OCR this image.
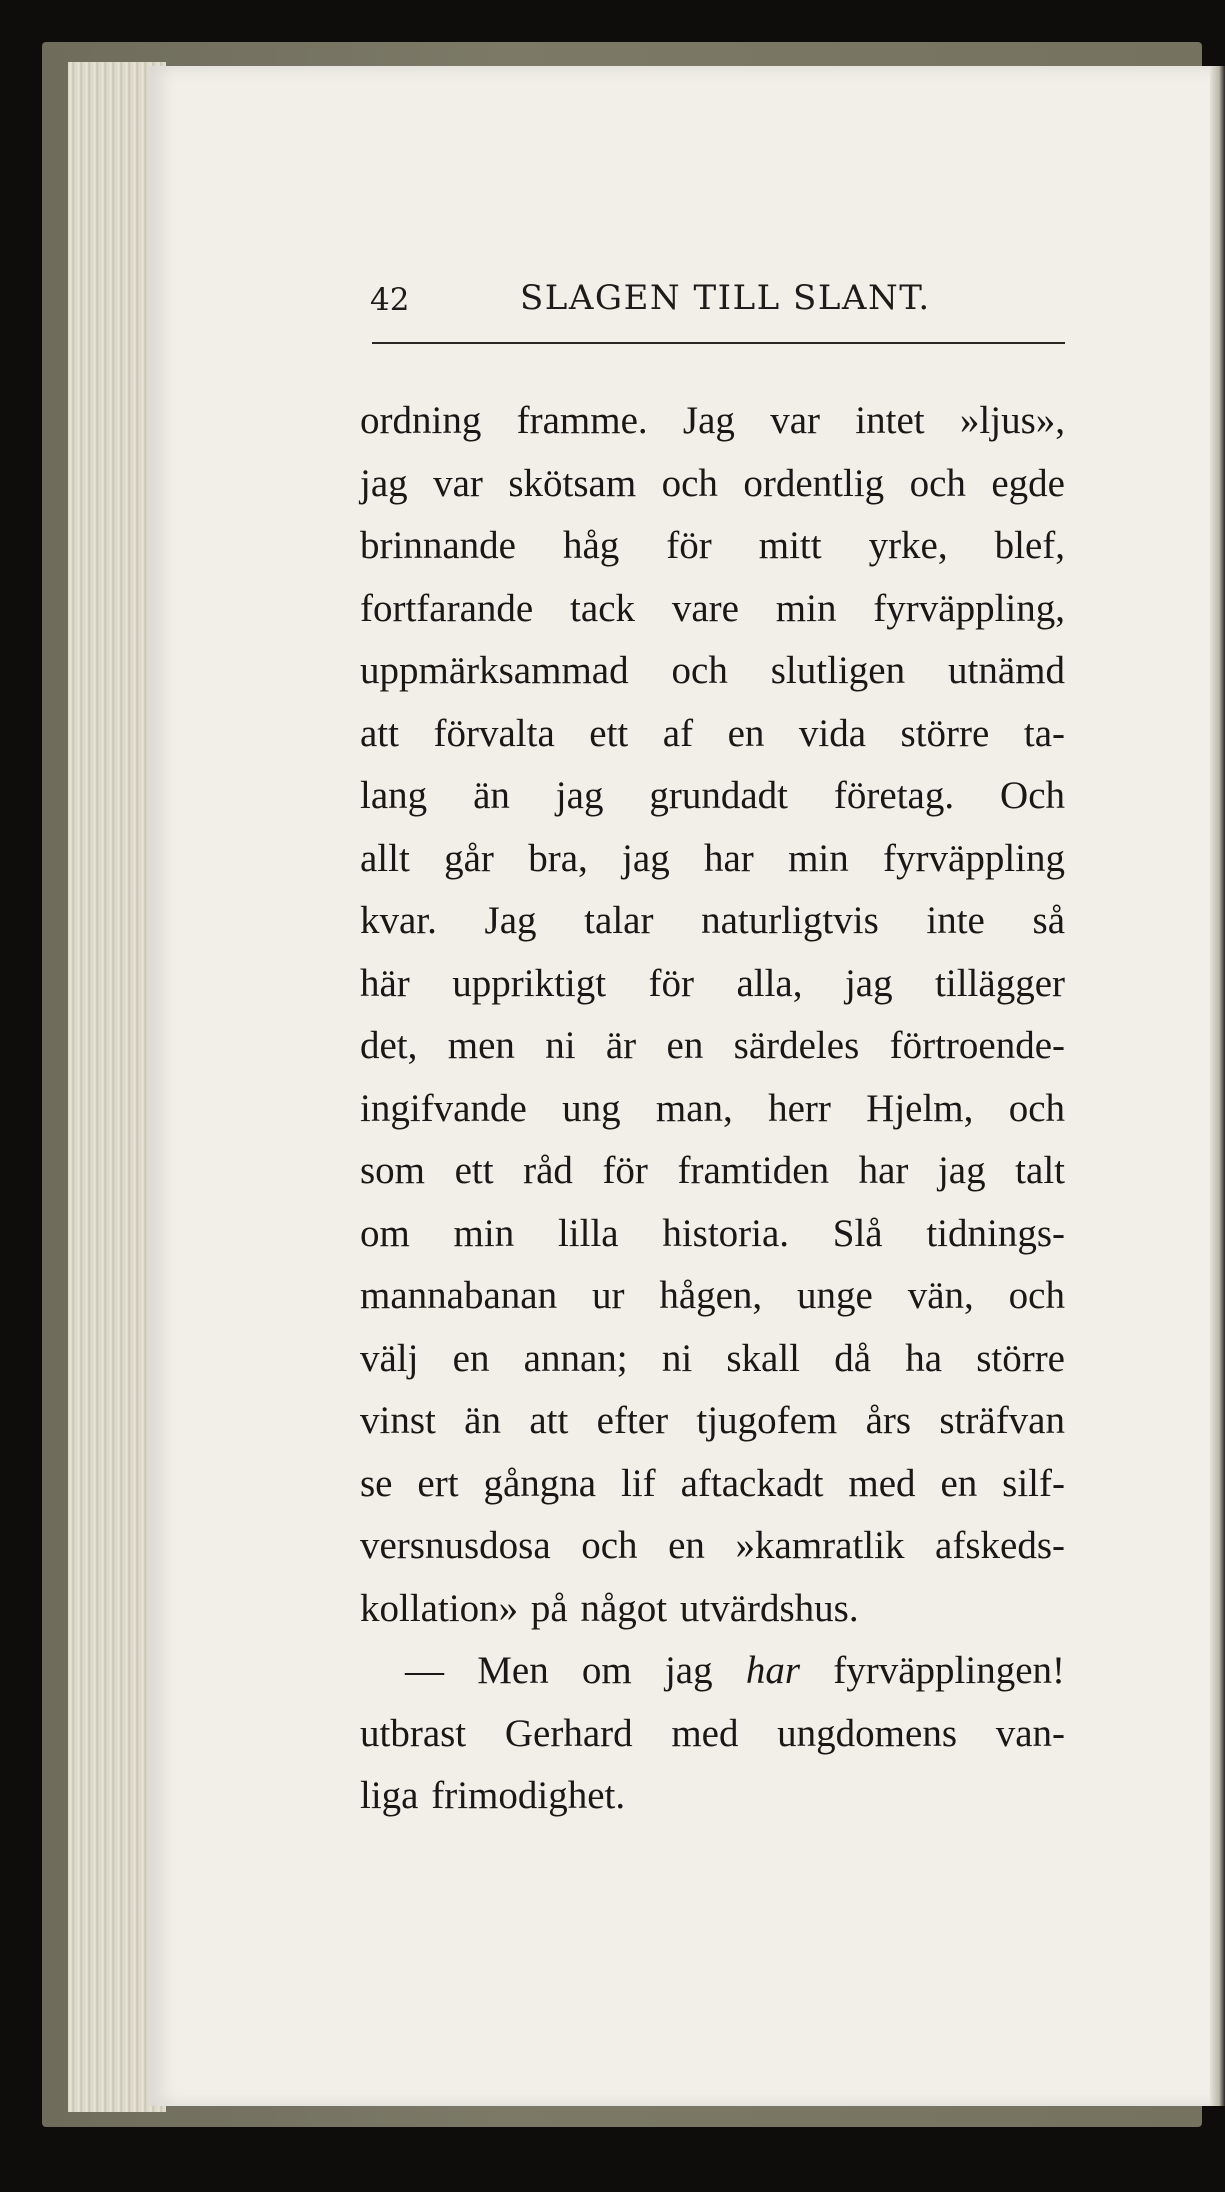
42	SLAGEN TILL SLANT.
ordning framme. Jag var intet »ljus»,
jag var skötsam och ordentlig och egde
brinnande håg för mitt yrke, blef,
fortfarande tack vare min fyrväppling,
uppmärksammad och slutligen utnämd
att förvalta ett af en vida större ta-
lang än jag grundadt företag. Och
allt går bra, jag har min fyrväppling
kvar. Jag talar naturligtvis inte så
här uppriktigt för alla, jag tillägger
det, men ni är en särdeles förtroende-
ingifvande ung man, herr Hjelm, och
som ett råd för framtiden har jag talt
om min lilla historia. Slå tidnings-
mannabanan ur hågen, unge vän, och
välj en annan; ni skall då ha större
vinst än att efter tjugofem års sträfvan
se ert gångna lif aftackadt med en silf-
versnusdosa och en »kamratlik afskeds-
kollation» på något utvärdshus.
— Men om jag har fyrväpplingen!
utbrast Gerhard med ungdomens van-
liga frimodighet.
